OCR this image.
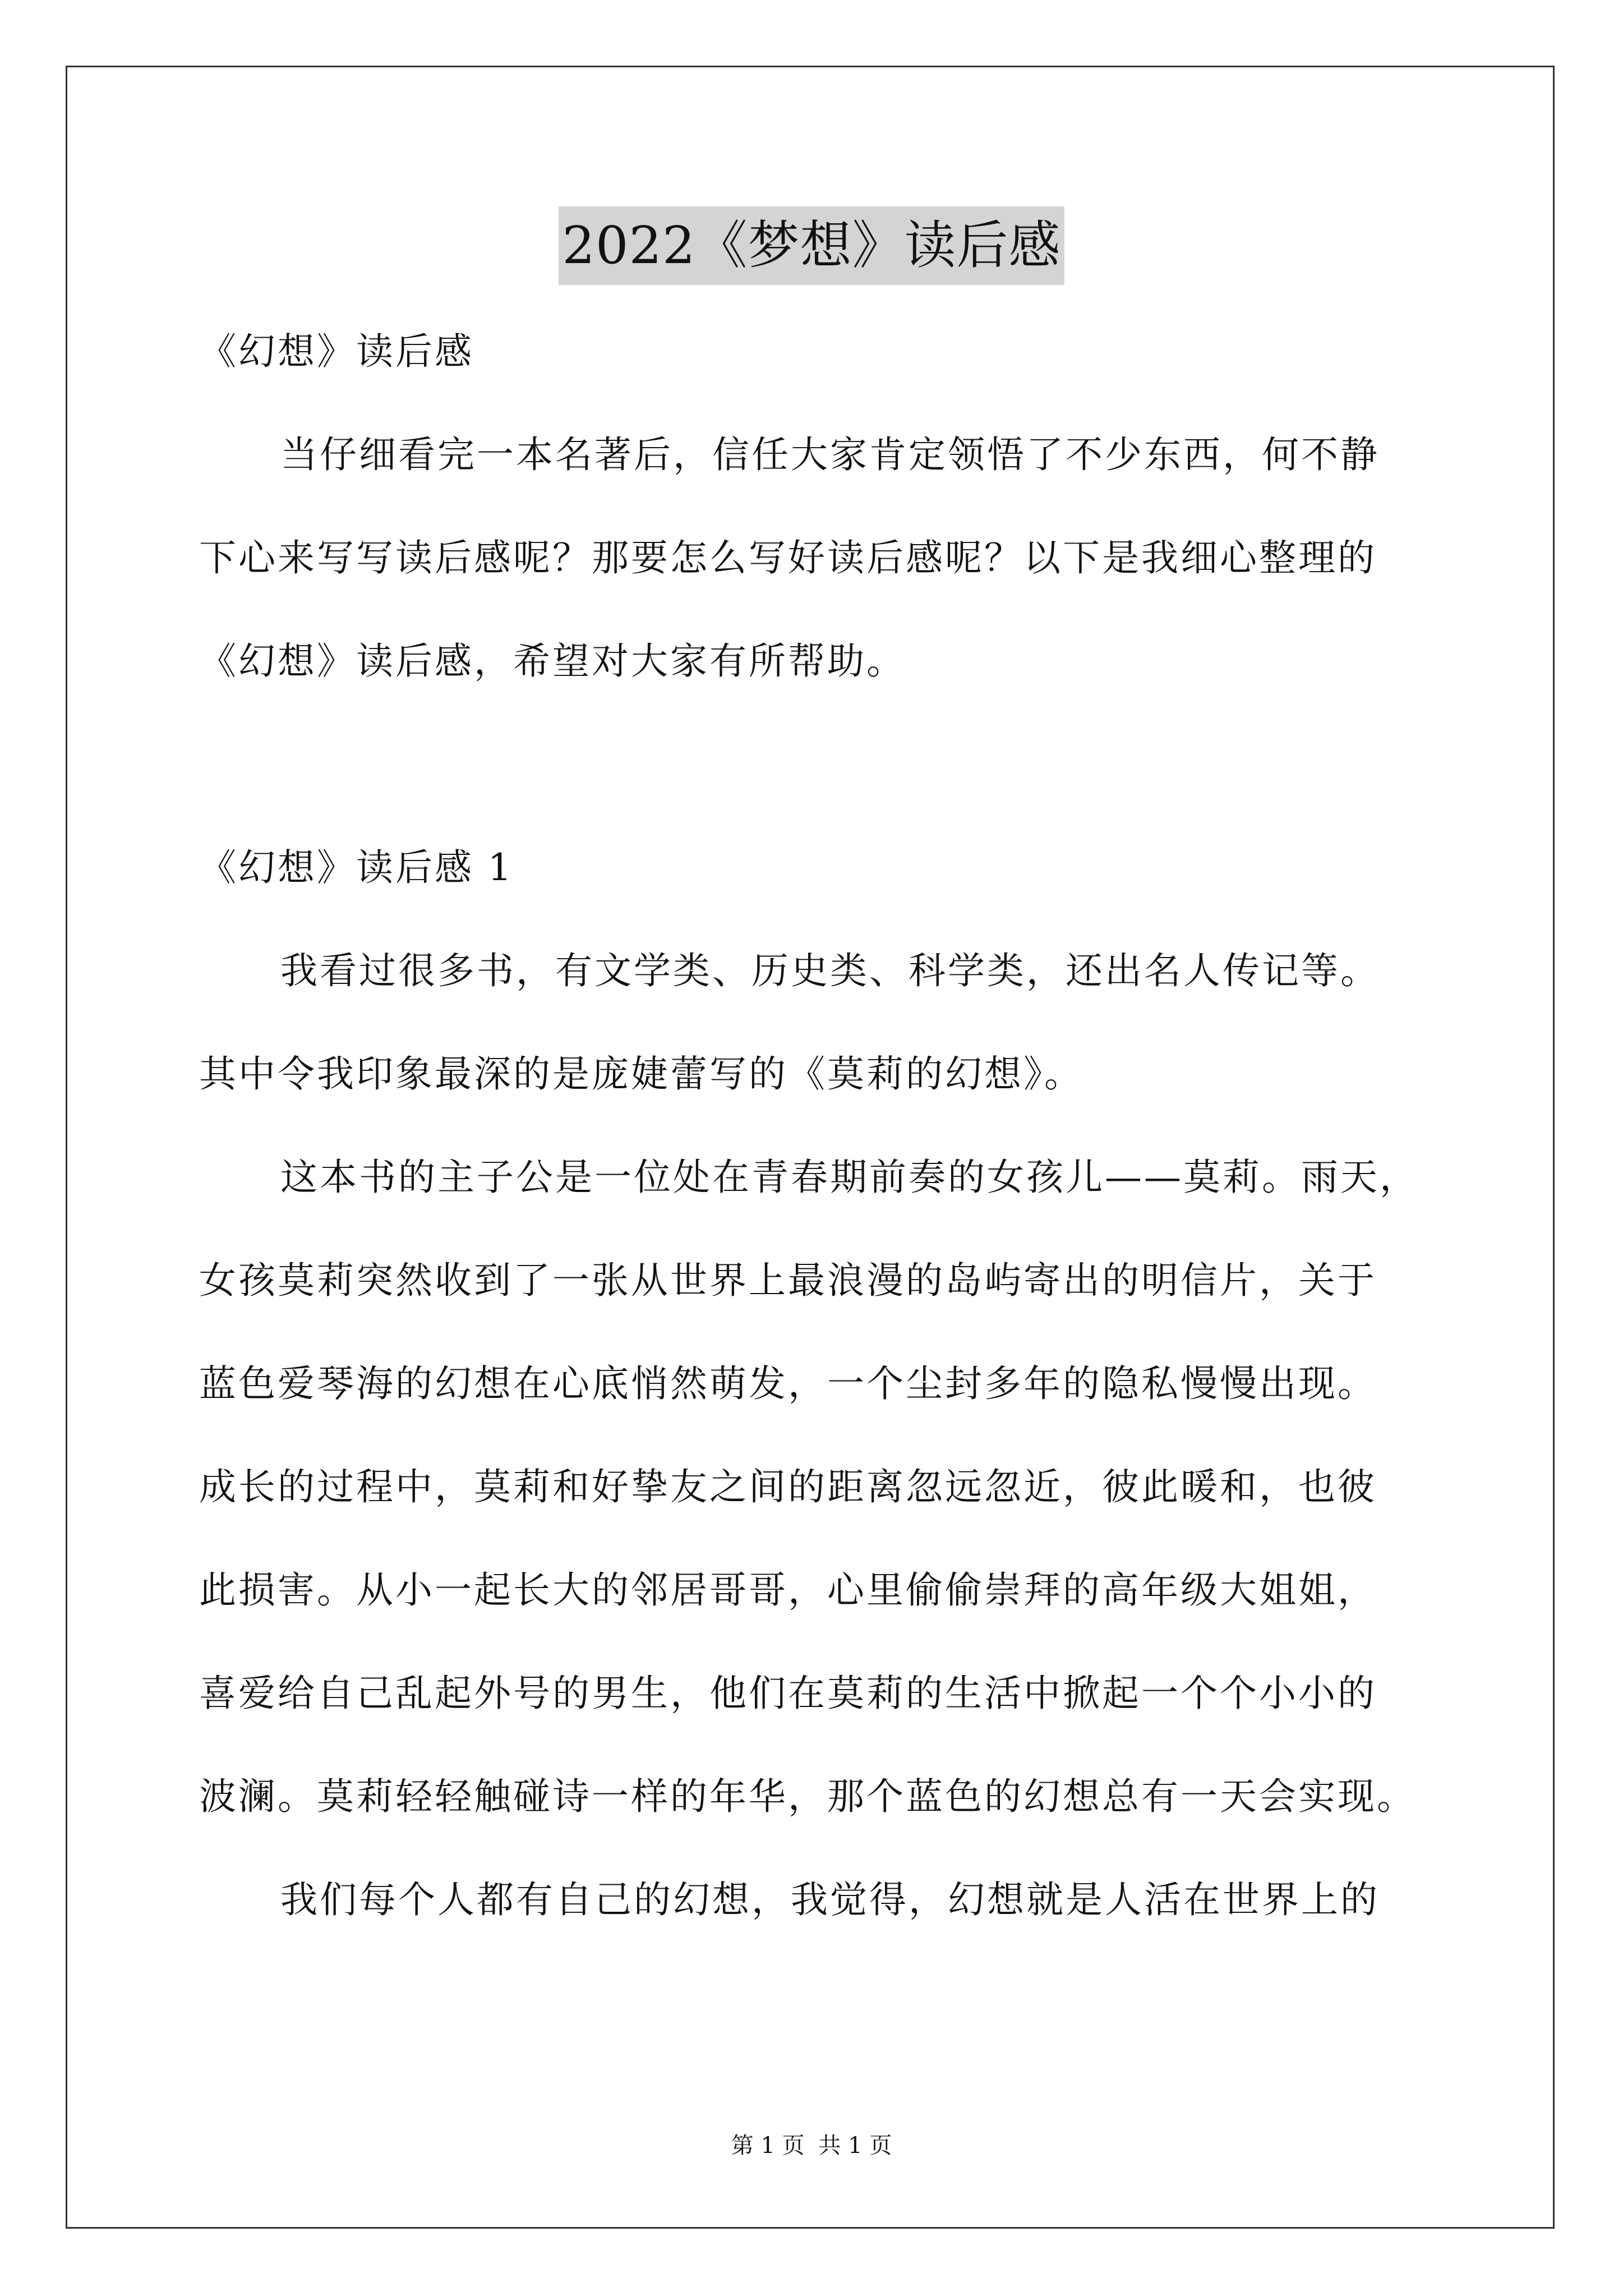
2022《梦想》读后感
《幻想》读后感
当仔细看完一本名著后，信任大家肯定领悟了不少东西，何不静
下心来写写读后感呢？那要怎么写好读后感呢？以下是我细心整理的
《幻想》读后感，希望对大家有所帮助。
《幻想》读后感 1
我看过很多书，有文学类、历史类、科学类，还出名人传记等。
其中令我印象最深的是庞婕蕾写的《莫莉的幻想》。
这本书的主子公是一位处在青春期前奏的女孩儿——莫莉。雨天，
女孩莫莉突然收到了一张从世界上最浪漫的岛屿寄出的明信片，关于
蓝色爱琴海的幻想在心底悄然萌发，一个尘封多年的隐私慢慢出现。
成长的过程中，莫莉和好挚友之间的距离忽远忽近，彼此暖和，也彼
此损害。从小一起长大的邻居哥哥，心里偷偷崇拜的高年级大姐姐，
喜爱给自己乱起外号的男生，他们在莫莉的生活中掀起一个个小小的
波澜。莫莉轻轻触碰诗一样的年华，那个蓝色的幻想总有一天会实现。
我们每个人都有自己的幻想，我觉得，幻想就是人活在世界上的
第 1 页 共 1 页
